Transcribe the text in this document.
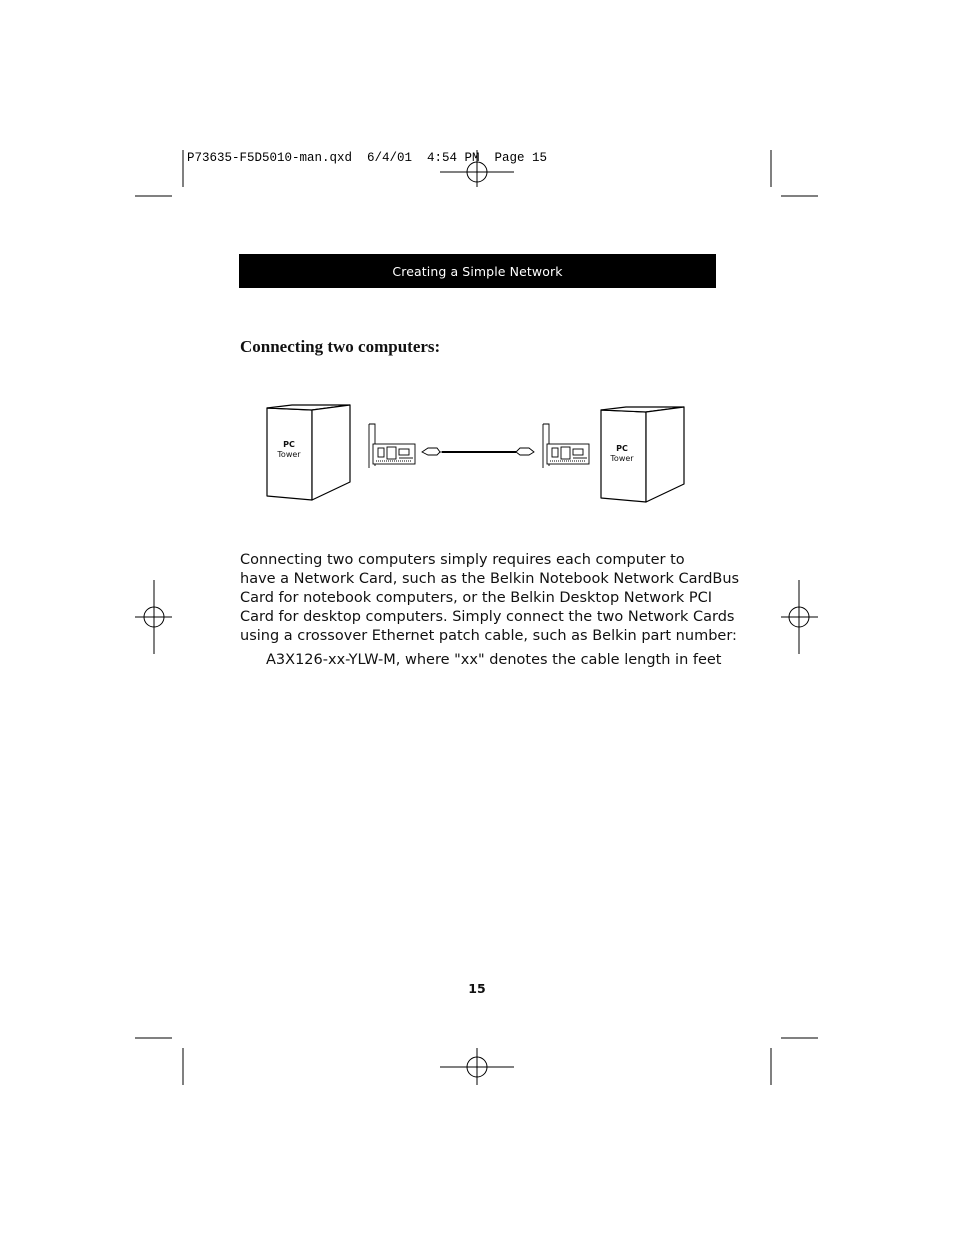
P73635-F5D5010-man.qxd  6/4/01  4:54 PM  Page 15
Creating a Simple Network
Connecting two computers:
PC
Tower
PC
Tower
Connecting two computers simply requires each computer to
have a Network Card, such as the Belkin Notebook Network CardBus
Card for notebook computers, or the Belkin Desktop Network PCI
Card for desktop computers. Simply connect the two Network Cards
using a crossover Ethernet patch cable, such as Belkin part number:
A3X126-xx-YLW-M, where "xx" denotes the cable length in feet
15
